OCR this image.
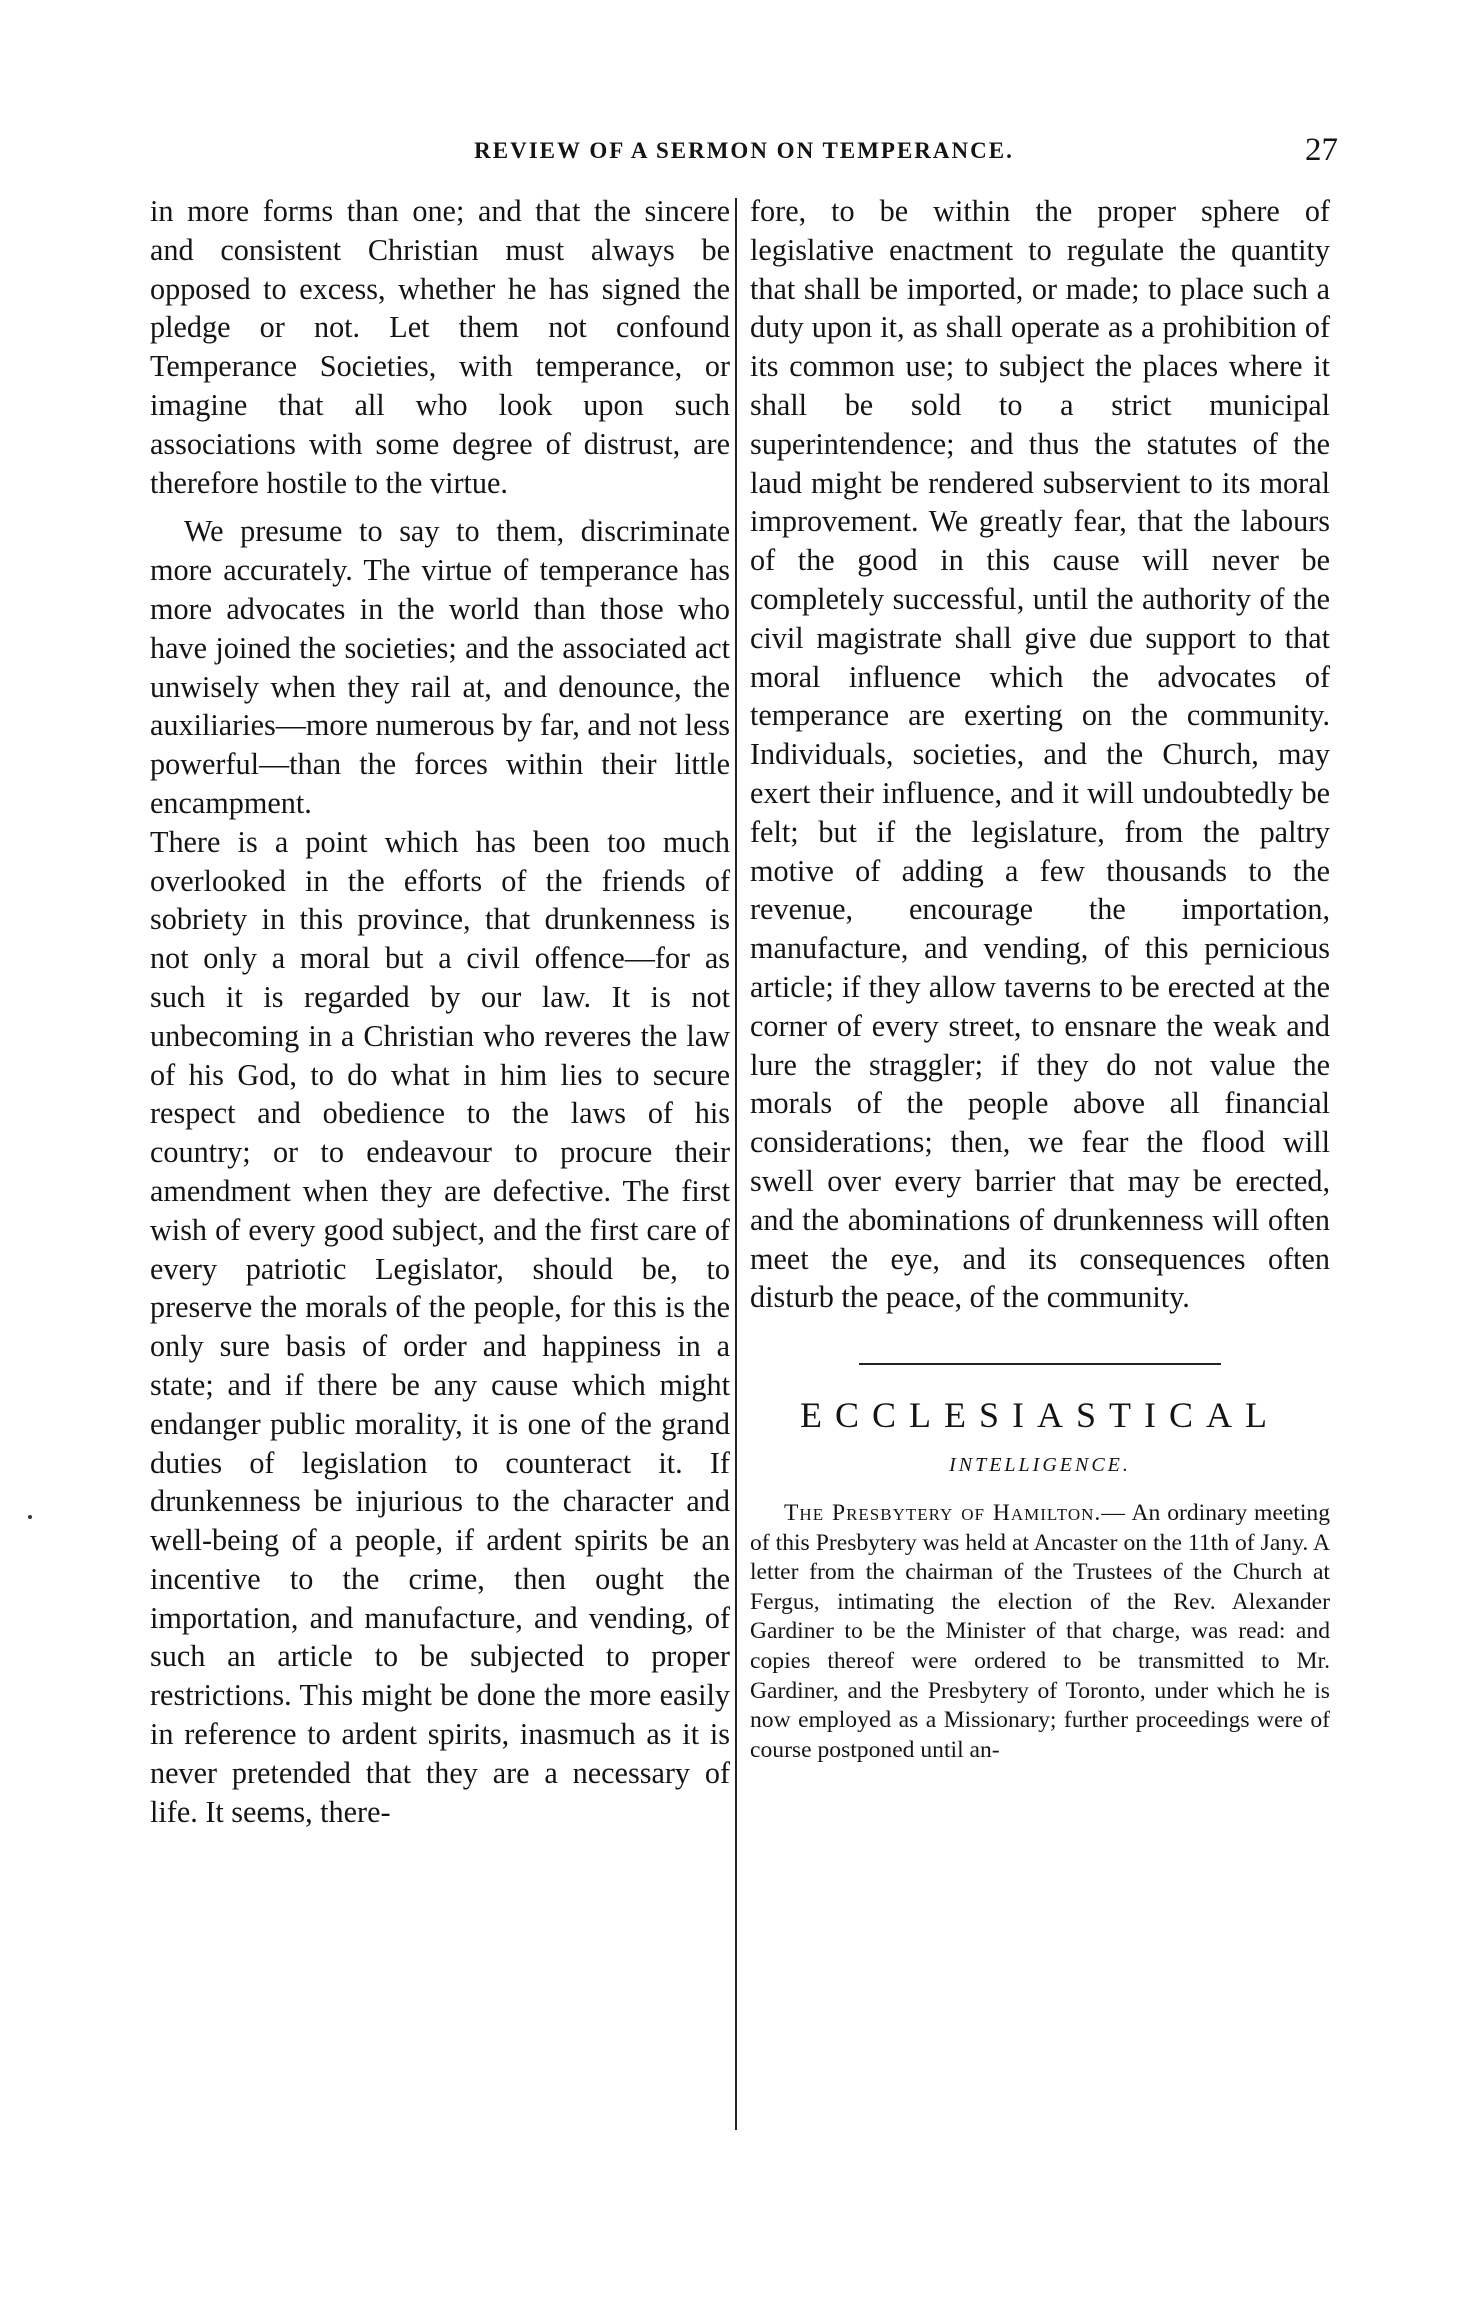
REVIEW OF A SERMON ON TEMPERANCE.	27

in more forms than one; and that the sincere and consistent Christian must always be opposed to excess, whether he has signed the pledge or not. Let them not confound Temperance Societies, with temperance, or imagine that all who look upon such associations with some degree of distrust, are therefore hostile to the virtue.

We presume to say to them, discriminate more accurately. The virtue of temperance has more advocates in the world than those who have joined the societies; and the associated act unwisely when they rail at, and denounce, the auxiliaries—more numerous by far, and not less powerful—than the forces within their little encampment.

There is a point which has been too much overlooked in the efforts of the friends of sobriety in this province, that drunkenness is not only a moral but a civil offence—for as such it is regarded by our law. It is not unbecoming in a Christian who reveres the law of his God, to do what in him lies to secure respect and obedience to the laws of his country; or to endeavour to procure their amendment when they are defective. The first wish of every good subject, and the first care of every patriotic Legislator, should be, to preserve the morals of the people, for this is the only sure basis of order and happiness in a state; and if there be any cause which might endanger public morality, it is one of the grand duties of legislation to counteract it. If drunkenness be injurious to the character and well-being of a people, if ardent spirits be an incentive to the crime, then ought the importation, and manufacture, and vending, of such an article to be subjected to proper restrictions. This might be done the more easily in reference to ardent spirits, inasmuch as it is never pretended that they are a necessary of life. It seems, there-

fore, to be within the proper sphere of legislative enactment to regulate the quantity that shall be imported, or made; to place such a duty upon it, as shall operate as a prohibition of its common use; to subject the places where it shall be sold to a strict municipal superintendence; and thus the statutes of the laud might be rendered subservient to its moral improvement. We greatly fear, that the labours of the good in this cause will never be completely successful, until the authority of the civil magistrate shall give due support to that moral influence which the advocates of temperance are exerting on the community. Individuals, societies, and the Church, may exert their influence, and it will undoubtedly be felt; but if the legislature, from the paltry motive of adding a few thousands to the revenue, encourage the importation, manufacture, and vending, of this pernicious article; if they allow taverns to be erected at the corner of every street, to ensnare the weak and lure the straggler; if they do not value the morals of the people above all financial considerations; then, we fear the flood will swell over every barrier that may be erected, and the abominations of drunkenness will often meet the eye, and its consequences often disturb the peace, of the community.

ECCLESIASTICAL
INTELLIGENCE.

The Presbytery of Hamilton.— An ordinary meeting of this Presbytery was held at Ancaster on the 11th of Jany. A letter from the chairman of the Trustees of the Church at Fergus, intimating the election of the Rev. Alexander Gardiner to be the Minister of that charge, was read: and copies thereof were ordered to be transmitted to Mr. Gardiner, and the Presbytery of Toronto, under which he is now employed as a Missionary; further proceedings were of course postponed until an-
